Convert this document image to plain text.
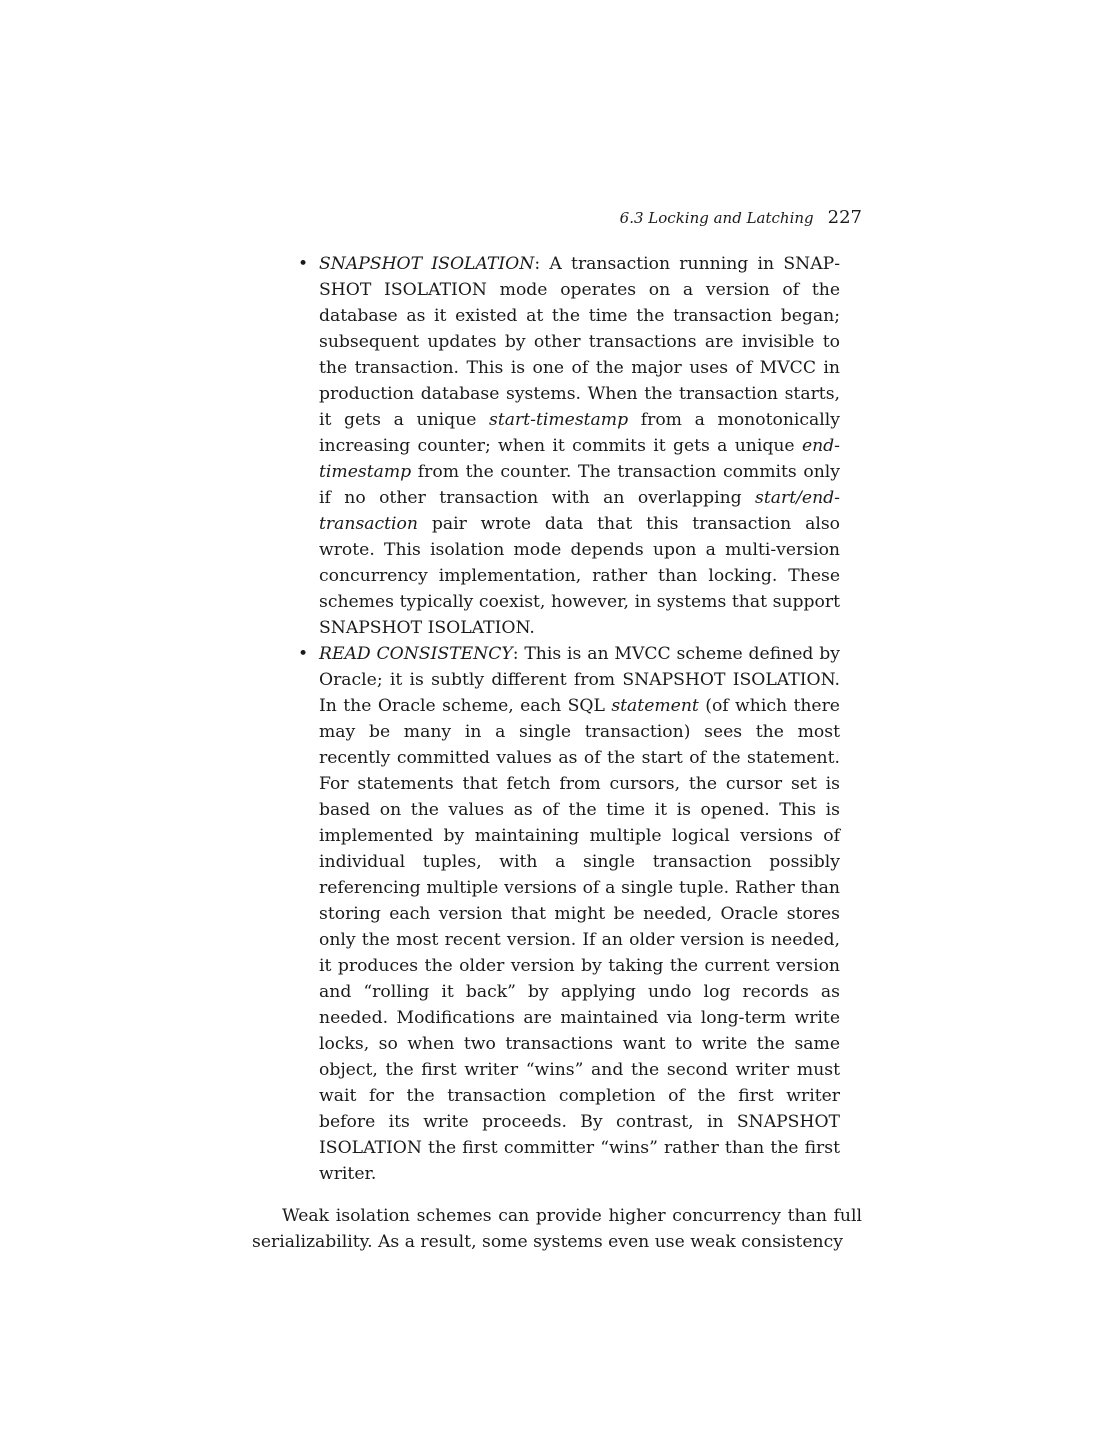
6.3 Locking and Latching 227
• SNAPSHOT ISOLATION: A transaction running in SNAPSHOT ISOLATION mode operates on a version of the database as it existed at the time the transaction began; subsequent updates by other transactions are invisible to the transaction. This is one of the major uses of MVCC in production database systems. When the transaction starts, it gets a unique start-timestamp from a monotonically increasing counter; when it commits it gets a unique end-timestamp from the counter. The transaction commits only if no other transaction with an overlapping start/end-transaction pair wrote data that this transaction also wrote. This isolation mode depends upon a multi-version concurrency implementation, rather than locking. These schemes typically coexist, however, in systems that support SNAPSHOT ISOLATION.
• READ CONSISTENCY: This is an MVCC scheme defined by Oracle; it is subtly different from SNAPSHOT ISOLATION. In the Oracle scheme, each SQL statement (of which there may be many in a single transaction) sees the most recently committed values as of the start of the statement. For statements that fetch from cursors, the cursor set is based on the values as of the time it is opened. This is implemented by maintaining multiple logical versions of individual tuples, with a single transaction possibly referencing multiple versions of a single tuple. Rather than storing each version that might be needed, Oracle stores only the most recent version. If an older version is needed, it produces the older version by taking the current version and “rolling it back” by applying undo log records as needed. Modifications are maintained via long-term write locks, so when two transactions want to write the same object, the first writer “wins” and the second writer must wait for the transaction completion of the first writer before its write proceeds. By contrast, in SNAPSHOT ISOLATION the first committer “wins” rather than the first writer.

Weak isolation schemes can provide higher concurrency than full serializability. As a result, some systems even use weak consistency
